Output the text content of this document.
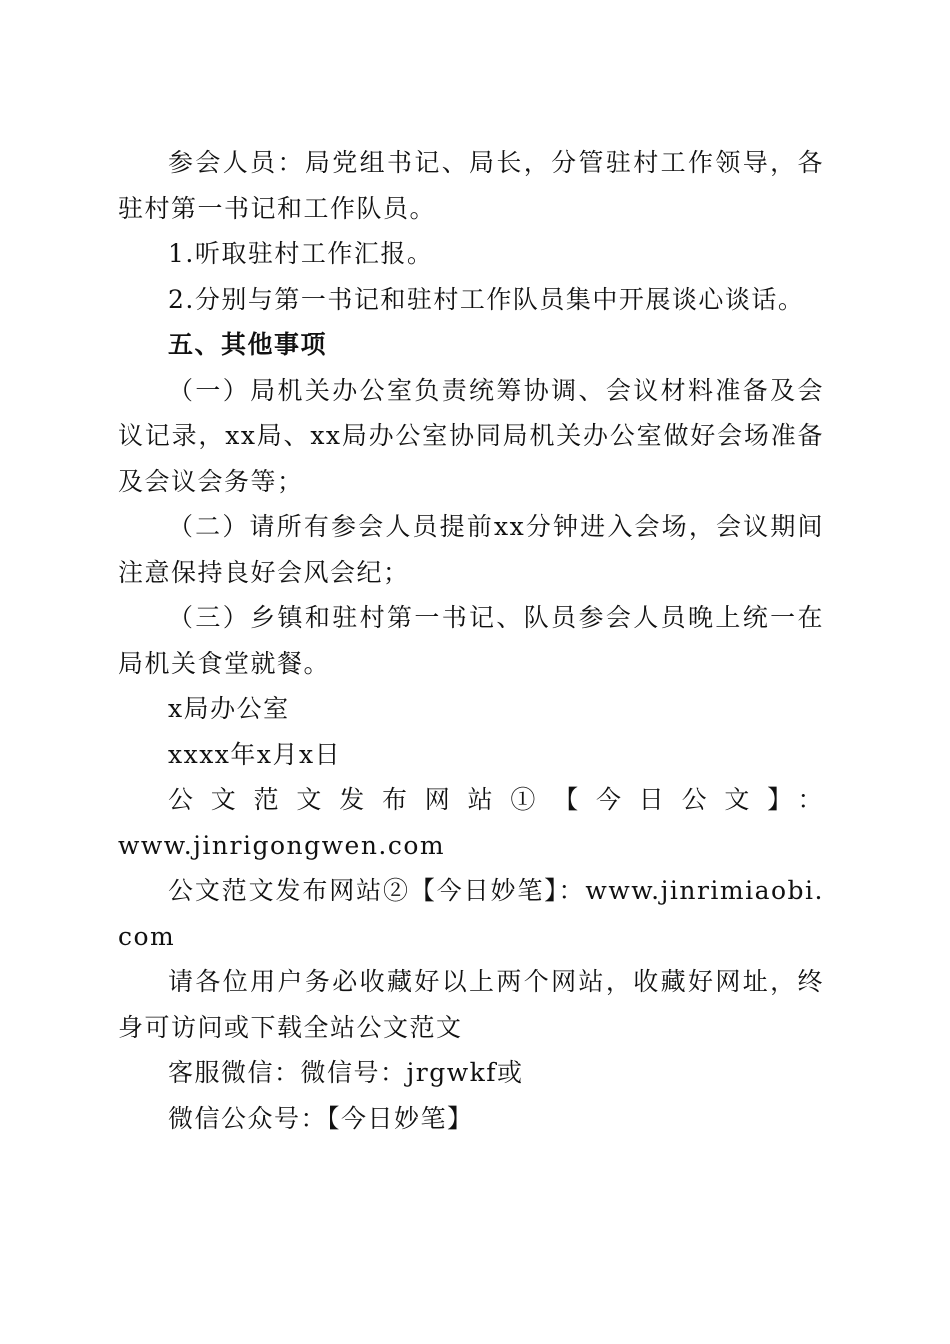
参会人员：局党组书记、局长，分管驻村工作领导，各驻村第一书记和工作队员。

1.听取驻村工作汇报。

2.分别与第一书记和驻村工作队员集中开展谈心谈话。

五、其他事项

（一）局机关办公室负责统筹协调、会议材料准备及会议记录，xx局、xx局办公室协同局机关办公室做好会场准备及会议会务等；

（二）请所有参会人员提前xx分钟进入会场，会议期间注意保持良好会风会纪；

（三）乡镇和驻村第一书记、队员参会人员晚上统一在局机关食堂就餐。

x局办公室

xxxx年x月x日

公文范文发布网站①【今日公文】：

www.jinrigongwen.com

公文范文发布网站②【今日妙笔】：www.jinrimiaobi.com

请各位用户务必收藏好以上两个网站，收藏好网址，终身可访问或下载全站公文范文

客服微信：微信号：jrgwkf或

微信公众号：【今日妙笔】
